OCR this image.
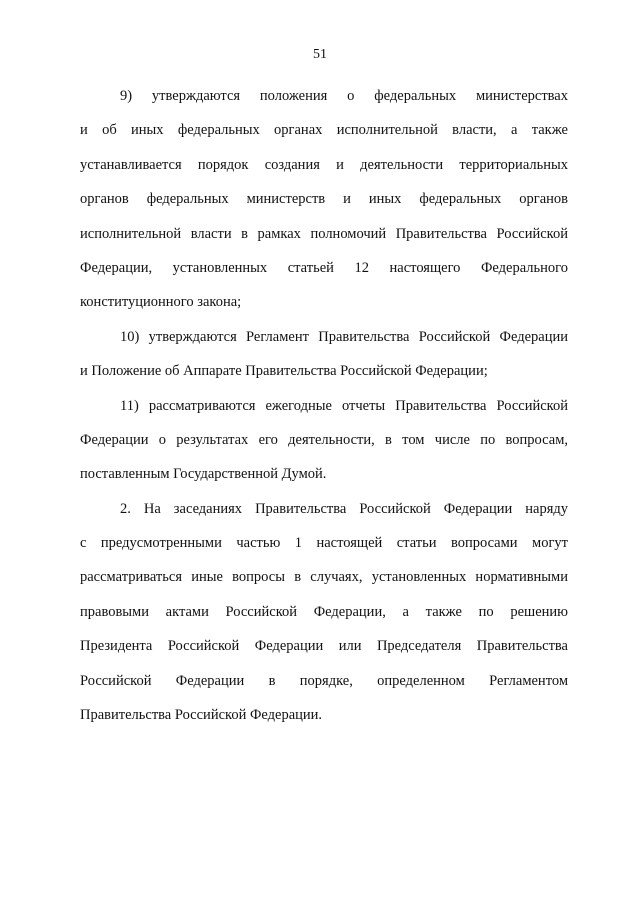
51

9) утверждаются положения о федеральных министерствах
и об иных федеральных органах исполнительной власти, а также
устанавливается порядок создания и деятельности территориальных
органов федеральных министерств и иных федеральных органов
исполнительной власти в рамках полномочий Правительства Российской
Федерации, установленных статьей 12 настоящего Федерального
конституционного закона;

10) утверждаются Регламент Правительства Российской Федерации
и Положение об Аппарате Правительства Российской Федерации;

11) рассматриваются ежегодные отчеты Правительства Российской
Федерации о результатах его деятельности, в том числе по вопросам,
поставленным Государственной Думой.

2. На заседаниях Правительства Российской Федерации наряду
с предусмотренными частью 1 настоящей статьи вопросами могут
рассматриваться иные вопросы в случаях, установленных нормативными
правовыми актами Российской Федерации, а также по решению
Президента Российской Федерации или Председателя Правительства
Российской Федерации в порядке, определенном Регламентом
Правительства Российской Федерации.
